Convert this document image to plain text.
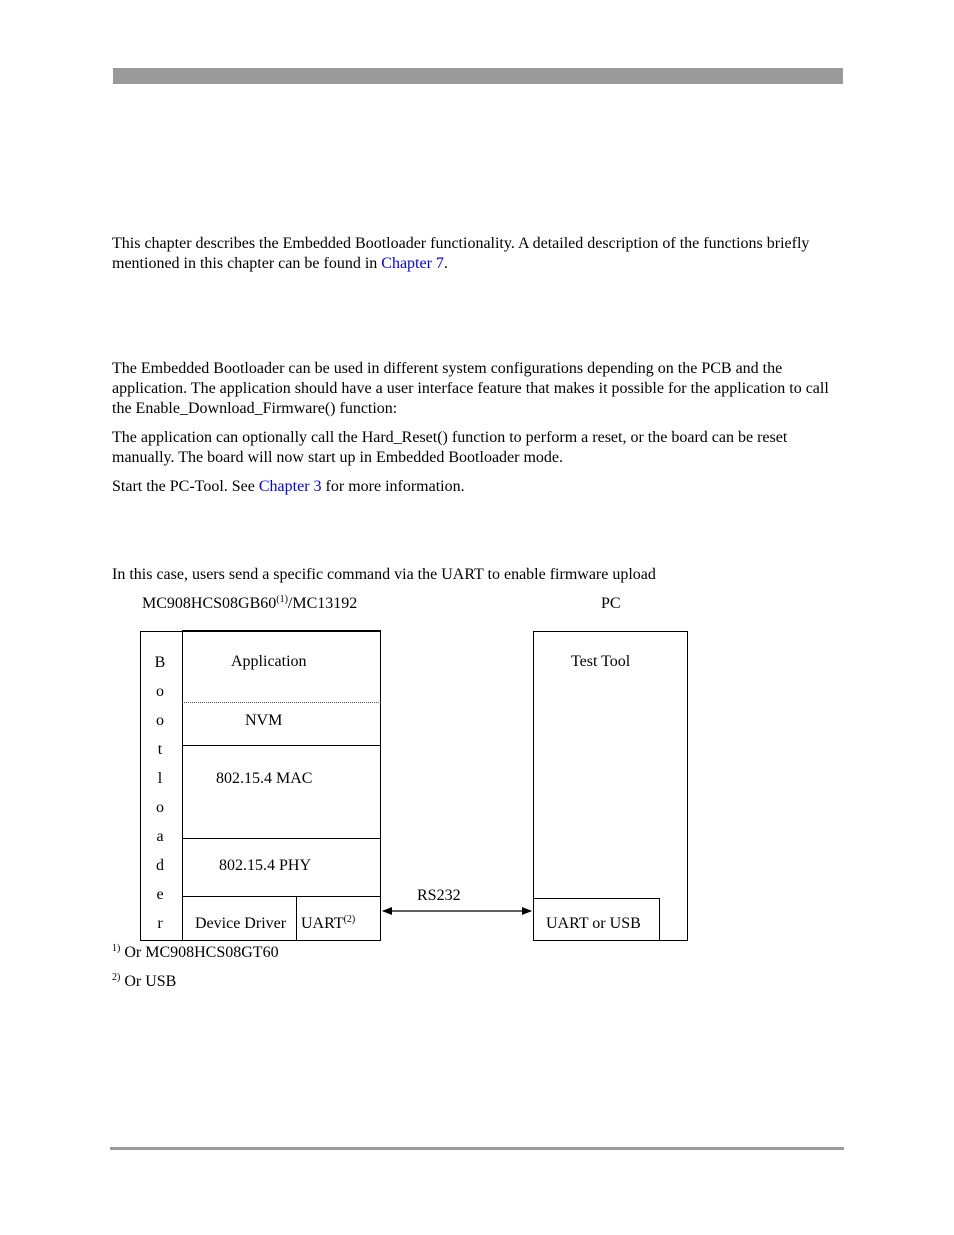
This chapter describes the Embedded Bootloader functionality. A detailed description of the functions briefly mentioned in this chapter can be found in Chapter 7.

The Embedded Bootloader can be used in different system configurations depending on the PCB and the application. The application should have a user interface feature that makes it possible for the application to call the Enable_Download_Firmware() function:

The application can optionally call the Hard_Reset() function to perform a reset, or the board can be reset manually. The board will now start up in Embedded Bootloader mode.

Start the PC-Tool. See Chapter 3 for more information.

In this case, users send a specific command via the UART to enable firmware upload

MC908HCS08GB60$^{(1)}$/MC13192	PC
B
o
o
t
l
o
a
d
e
r
Application
NVM
802.15.4 MAC
802.15.4 PHY
Device Driver UART$^{(2)}$
Test Tool
UART or USB
RS232
$^{1)}$ Or MC908HCS08GT60
$^{2)}$ Or USB
